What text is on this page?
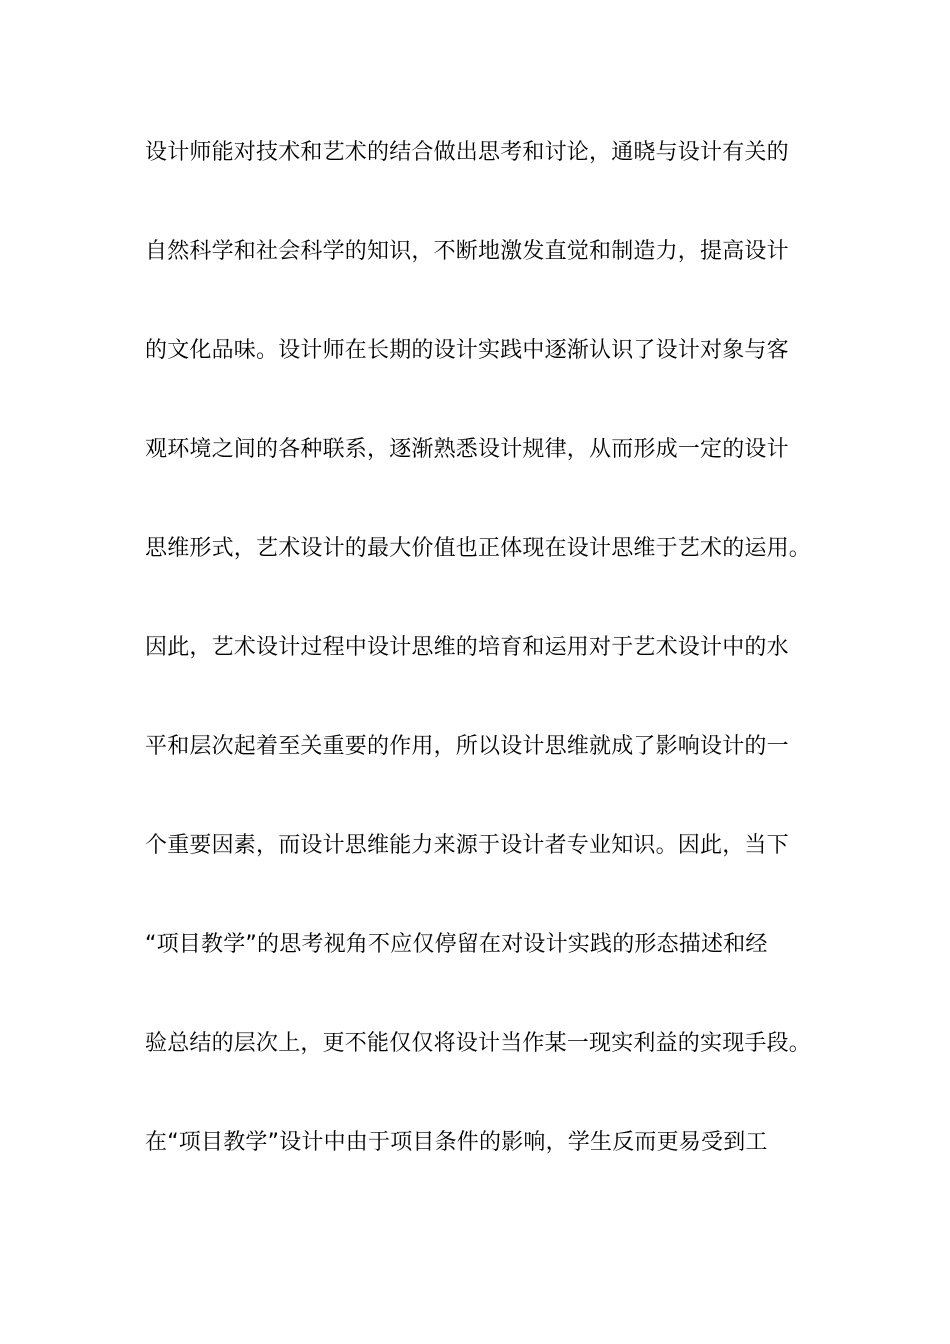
设计师能对技术和艺术的结合做出思考和讨论，通晓与设计有关的
自然科学和社会科学的知识，不断地激发直觉和制造力，提高设计
的文化品味。设计师在长期的设计实践中逐渐认识了设计对象与客
观环境之间的各种联系，逐渐熟悉设计规律，从而形成一定的设计
思维形式，艺术设计的最大价值也正体现在设计思维于艺术的运用。
因此，艺术设计过程中设计思维的培育和运用对于艺术设计中的水
平和层次起着至关重要的作用，所以设计思维就成了影响设计的一
个重要因素，而设计思维能力来源于设计者专业知识。因此，当下
“项目教学”的思考视角不应仅停留在对设计实践的形态描述和经
验总结的层次上，更不能仅仅将设计当作某一现实利益的实现手段。
在“项目教学”设计中由于项目条件的影响，学生反而更易受到工
